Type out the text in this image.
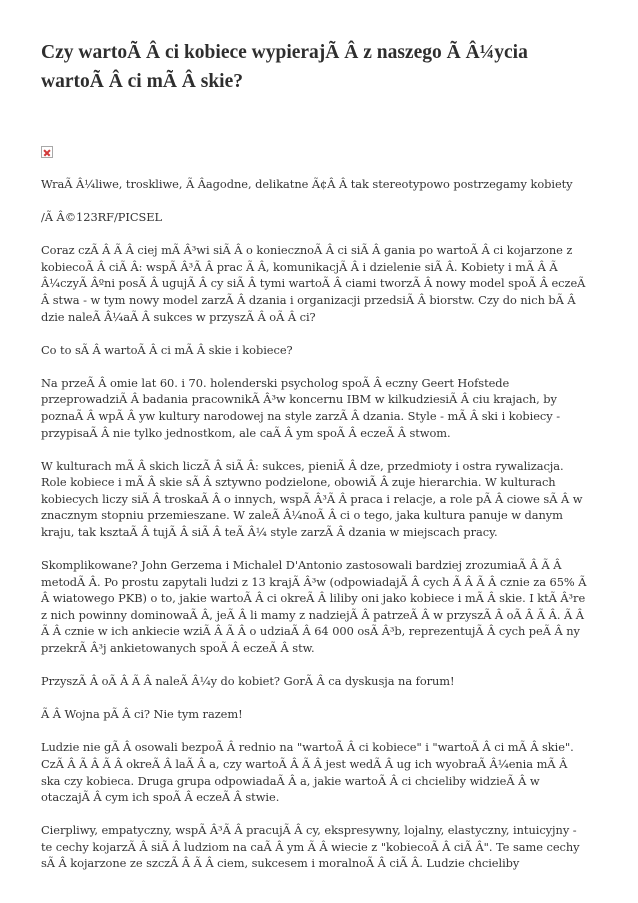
Czy wartoÃ Â ci kobiece wypierajÃ Â z naszego Ã Â¼ycia wartoÃ Â ci mÃ Â skie?

WraÃ Â¼liwe, troskliwe, Ã Âagodne, delikatne Ã¢Â Â tak stereotypowo postrzegamy kobiety

/Ã Â©123RF/PICSEL

Coraz czÃ Â Ã Â ciej mÃ Â³wi siÃ Â o koniecznoÃ Â ci siÃ Â gania po wartoÃ Â ci kojarzone z kobiecoÃ Â ciÃ Â: wspÃ Â³Ã Â prac Ã Â, komunikacjÃ Â i dzielenie siÃ Â. Kobiety i mÃ Â Ã Â¼czyÃ Âºni posÃ Â ugujÃ Â cy siÃ Â tymi wartoÃ Â ciami tworzÃ Â nowy model spoÃ Â eczeÃ Â stwa - w tym nowy model zarzÃ Â dzania i organizacji przedsiÃ Â biorstw. Czy do nich bÃ Â dzie naleÃ Â¼aÃ Â sukces w przyszÃ Â oÃ Â ci?

Co to sÃ Â wartoÃ Â ci mÃ Â skie i kobiece?

Na przeÃ Â omie lat 60. i 70. holenderski psycholog spoÃ Â eczny Geert Hofstede przeprowadziÃ Â badania pracownikÃ Â³w koncernu IBM w kilkudziesiÃ Â ciu krajach, by poznaÃ Â wpÃ Â yw kultury narodowej na style zarzÃ Â dzania. Style - mÃ Â ski i kobiecy - przypisaÃ Â nie tylko jednostkom, ale caÃ Â ym spoÃ Â eczeÃ Â stwom.

W kulturach mÃ Â skich liczÃ Â siÃ Â: sukces, pieniÃ Â dze, przedmioty i ostra rywalizacja. Role kobiece i mÃ Â skie sÃ Â sztywno podzielone, obowiÃ Â zuje hierarchia. W kulturach kobiecych liczy siÃ Â troskaÃ Â o innych, wspÃ Â³Ã Â praca i relacje, a role pÃ Â ciowe sÃ Â w znacznym stopniu przemieszane. W zaleÃ Â¼noÃ Â ci o tego, jaka kultura panuje w danym kraju, tak ksztaÃ Â tujÃ Â siÃ Â teÃ Â¼ style zarzÃ Â dzania w miejscach pracy.

Skomplikowane? John Gerzema i Michalel D'Antonio zastosowali bardziej zrozumiaÃ Â Ã Â metodÃ Â. Po prostu zapytali ludzi z 13 krajÃ Â³w (odpowiadajÃ Â cych Ã Â Ã Â cznie za 65% Ã Â wiatowego PKB) o to, jakie wartoÃ Â ci okreÃ Â liliby oni jako kobiece i mÃ Â skie. I ktÃ Â³re z nich powinny dominowaÃ Â, jeÃ Â li mamy z nadziejÃ Â patrzeÃ Â w przyszÃ Â oÃ Â Ã Â. Ã Â Ã Â cznie w ich ankiecie wziÃ Â Ã Â o udziaÃ Â 64 000 osÃ Â³b, reprezentujÃ Â cych peÃ Â ny przekrÃ Â³j ankietowanych spoÃ Â eczeÃ Â stw.

PrzyszÃ Â oÃ Â Ã Â naleÃ Â¼y do kobiet? GorÃ Â ca dyskusja na forum!

Ã Â Wojna pÃ Â ci? Nie tym razem!

Ludzie nie gÃ Â osowali bezpoÃ Â rednio na "wartoÃ Â ci kobiece" i "wartoÃ Â ci mÃ Â skie". CzÃ Â Ã Â Ã Â okreÃ Â laÃ Â a, czy wartoÃ Â Ã Â jest wedÃ Â ug ich wyobraÃ Â¼enia mÃ Â ska czy kobieca. Druga grupa odpowiadaÃ Â a, jakie wartoÃ Â ci chcieliby widzieÃ Â w otaczajÃ Â cym ich spoÃ Â eczeÃ Â stwie.

Cierpliwy, empatyczny, wspÃ Â³Ã Â pracujÃ Â cy, ekspresywny, lojalny, elastyczny, intuicyjny - te cechy kojarzÃ Â siÃ Â ludziom na caÃ Â ym Ã Â wiecie z "kobiecoÃ Â ciÃ Â". Te same cechy sÃ Â kojarzone ze szczÃ Â Ã Â ciem, sukcesem i moralnoÃ Â ciÃ Â. Ludzie chcieliby
